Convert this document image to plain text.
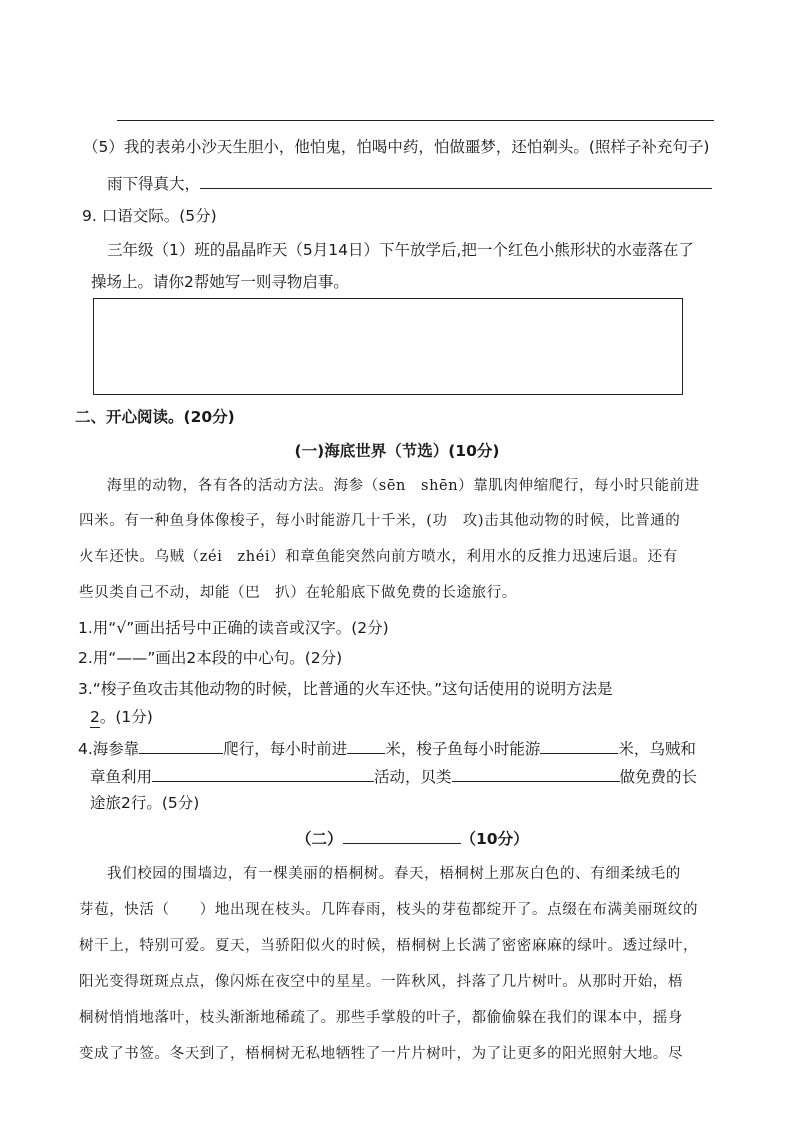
（5）我的表弟小沙天生胆小，他怕鬼，怕喝中药，怕做噩梦，还怕剃头。(照样子补充句子)
雨下得真大，
9. 口语交际。(5分)
三年级（1）班的晶晶昨天（5月14日）下午放学后,把一个红色小熊形状的水壶落在了
操场上。请你2帮她写一则寻物启事。
二、开心阅读。(20分)
(一)海底世界（节选）(10分)
海里的动物，各有各的活动方法。海参（sēn　shēn）靠肌肉伸缩爬行，每小时只能前进
四米。有一种鱼身体像梭子，每小时能游几十千米，(功　攻)击其他动物的时候，比普通的
火车还快。乌贼（zéi　zhéi）和章鱼能突然向前方喷水，利用水的反推力迅速后退。还有
些贝类自己不动，却能（巴　扒）在轮船底下做免费的长途旅行。
1.用“√”画出括号中正确的读音或汉字。(2分)
2.用“——”画出2本段的中心句。(2分)
3.“梭子鱼攻击其他动物的时候，比普通的火车还快。”这句话使用的说明方法是
2。(1分)
4.海参靠	爬行，每小时前进 米，梭子鱼每小时能游	米，乌贼和
章鱼利用	活动，贝类	做免费的长
途旅2行。(5分)
（二）	（10分）
我们校园的围墙边，有一棵美丽的梧桐树。春天，梧桐树上那灰白色的、有细柔绒毛的
芽苞，快活（　　）地出现在枝头。几阵春雨，枝头的芽苞都绽开了。点缀在布满美丽斑纹的
树干上，特别可爱。夏天，当骄阳似火的时候，梧桐树上长满了密密麻麻的绿叶。透过绿叶，
阳光变得斑斑点点，像闪烁在夜空中的星星。一阵秋风，抖落了几片树叶。从那时开始，梧
桐树悄悄地落叶，枝头渐渐地稀疏了。那些手掌般的叶子，都偷偷躲在我们的课本中，摇身
变成了书签。冬天到了，梧桐树无私地牺牲了一片片树叶，为了让更多的阳光照射大地。尽
